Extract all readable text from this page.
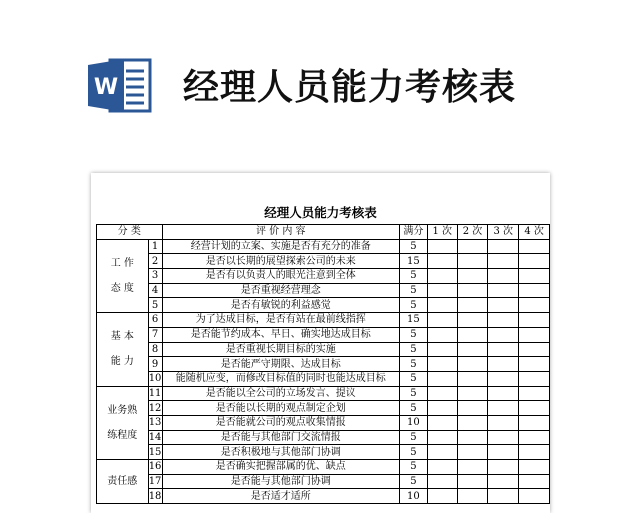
W 经理人员能力考核表
经理人员能力考核表
分 类		评 价 内 容	满分	1 次	2 次	3 次	4 次

工 作
态 度	1	经营计划的立案、实施是否有充分的准备	5				
	2	是否以长期的展望探索公司的未来	15				
	3	是否有以负责人的眼光注意到全体	5				
	4	是否重视经营理念	5				
	5	是否有敏锐的利益感觉	5				

基 本
能 力	6	为了达成目标，是否有站在最前线指挥	15				
	7	是否能节约成本、早日、确实地达成目标	5				
	8	是否重视长期目标的实施	5				
	9	是否能严守期限、达成目标	5				
	10	能随机应变，而修改目标值的同时也能达成目标	5				

业务熟
练程度	11	是否能以全公司的立场发言、提议	5				
	12	是否能以长期的观点制定企划	5				
	13	是否能就公司的观点收集情报	10				
	14	是否能与其他部门交流情报	5				
	15	是否积极地与其他部门协调	5				

责任感	16	是否确实把握部属的优、缺点	5				
	17	是否能与其他部门协调	5				
	18	是否适才适所	10				
